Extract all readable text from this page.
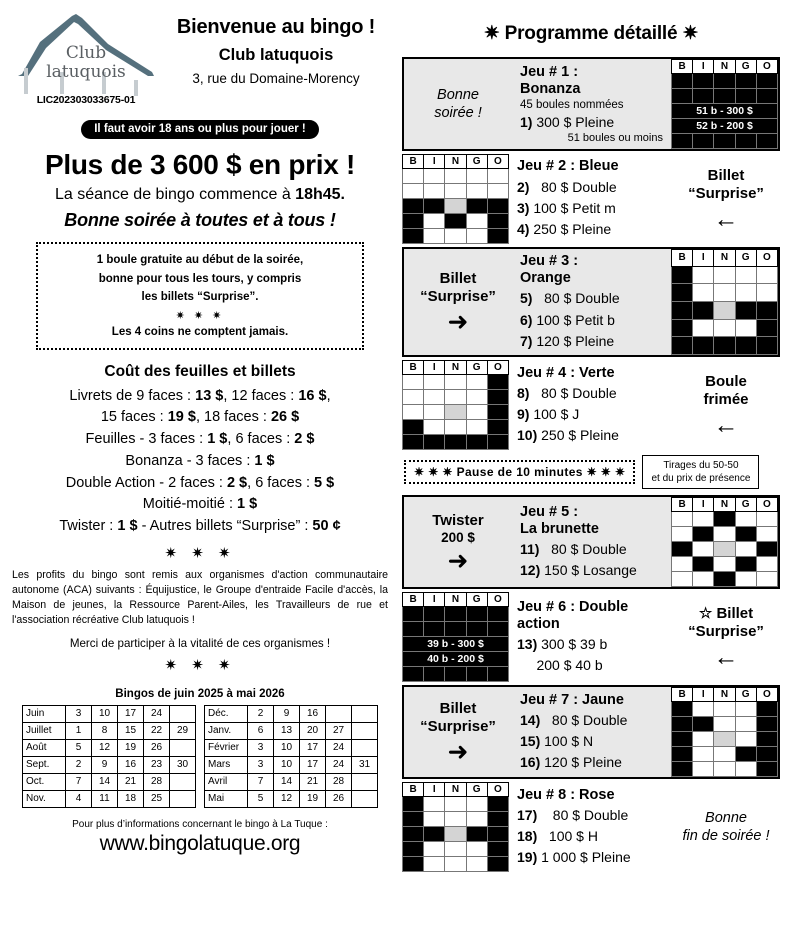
Club
latuquois
LIC202303033675-01
Bienvenue au bingo !
Club latuquois
3, rue du Domaine-Morency
Il faut avoir 18 ans ou plus pour jouer !
Plus de 3 600 $ en prix !
La séance de bingo commence à 18h45.
Bonne soirée à toutes et à tous !
1 boule gratuite au début de la soirée,
bonne pour tous les tours, y compris
les billets “Surprise”.
✷ ✷ ✷
Les 4 coins ne comptent jamais.
Coût des feuilles et billets
Livrets de 9 faces : 13 $, 12 faces : 16 $,
15 faces : 19 $, 18 faces : 26 $
Feuilles - 3 faces : 1 $, 6 faces : 2 $
Bonanza - 3 faces : 1 $
Double Action - 2 faces : 2 $, 6 faces : 5 $
Moitié-moitié : 1 $
Twister : 1 $ - Autres billets “Surprise” : 50 ¢
✷ ✷ ✷
Les profits du bingo sont remis aux organismes d'action communautaire autonome (ACA) suivants : Équijustice, le Groupe d'entraide Facile d'accès, la Maison de jeunes, la Ressource Parent-Ailes, les Travailleurs de rue et l'association récréative Club latuquois !
Merci de participer à la vitalité de ces organismes !
✷ ✷ ✷
Bingos de juin 2025 à mai 2026
Juin	3	10	17	24	
Juillet	1	8	15	22	29
Août	5	12	19	26	
Sept.	2	9	16	23	30
Oct.	7	14	21	28	
Nov.	4	11	18	25	
Déc.	2	9	16		
Janv.	6	13	20	27	
Février	3	10	17	24	
Mars	3	10	17	24	31
Avril	7	14	21	28	
Mai	5	12	19	26	
Pour plus d’informations concernant le bingo à La Tuque :
www.bingolatuque.org
✷ Programme détaillé ✷
Bonne
soirée !
Jeu # 1 :
Bonanza
45 boules nommées
1) 300 $ Pleine
51 boules ou moins
B	I	N	G	O

51 b - 300 $				
52 b - 200 $				

B	I	N	G	O

				Jeu # 2 : Bleue
2)   80 $ Double
3) 100 $ Petit m
4) 250 $ Pleine
Billet
“Surprise”
←
Billet
“Surprise”
➜
Jeu # 3 :
Orange
5)   80 $ Double
6) 100 $ Petit b
7) 120 $ Pleine
B	I	N	G	O

B	I	N	G	O

				Jeu # 4 : Verte
8)   80 $ Double
9) 100 $ J
10) 250 $ Pleine
Boule
frimée
←
✷ ✷ ✷ Pause de 10 minutes ✷ ✷ ✷	Tirages du 50-50
et du prix de présence
Twister
200 $
➜
Jeu # 5 :
La brunette
11)   80 $ Double
12) 150 $ Losange
B	I	N	G	O

B	I	N	G	O

39 b - 300 $				
40 b - 200 $				

Jeu # 6 : Double action
13) 300 $ 39 b
200 $ 40 b
☆ Billet
“Surprise”
←
Billet
“Surprise”
➜
Jeu # 7 : Jaune
14)   80 $ Double
15) 100 $ N
16) 120 $ Pleine
B	I	N	G	O

B	I	N	G	O

				Jeu # 8 : Rose
17)    80 $ Double
18)   100 $ H
19) 1 000 $ Pleine
Bonne
fin de soirée !
